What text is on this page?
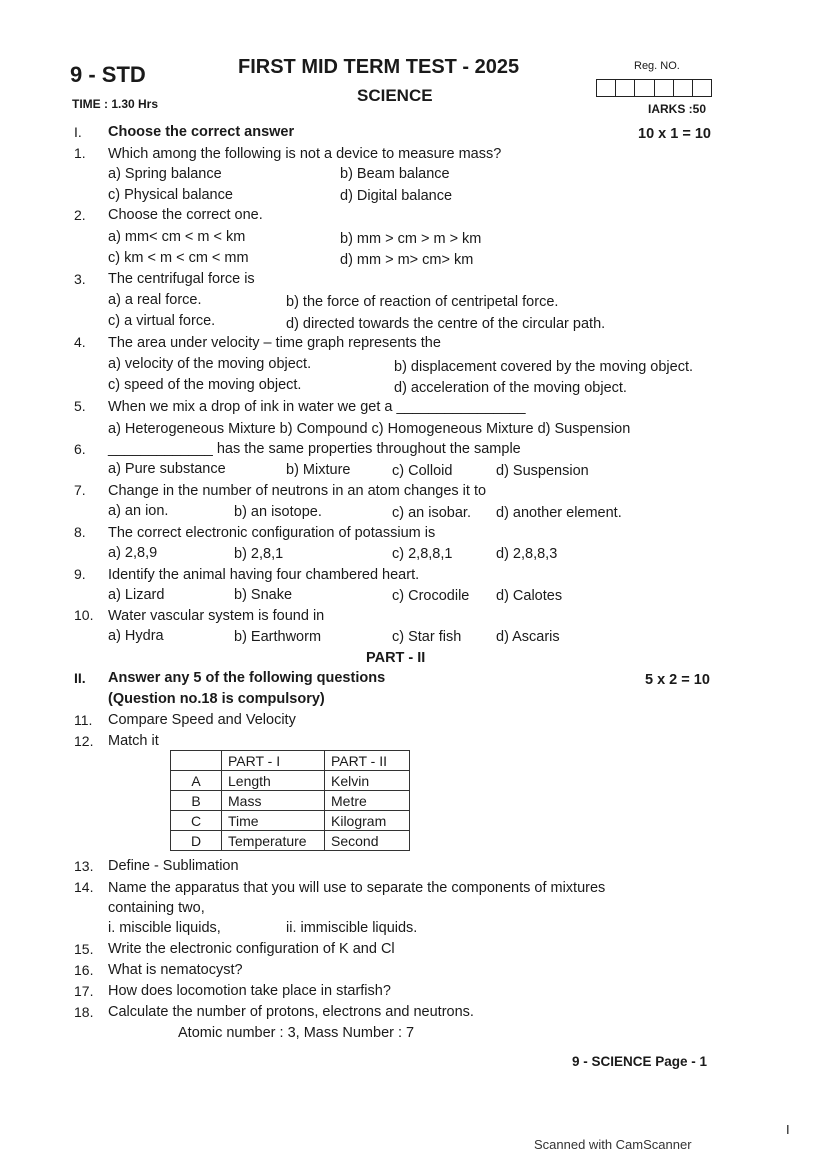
9 - STD	FIRST MID TERM TEST - 2025
SCIENCE
Reg. NO.
TIME : 1.30 Hrs	IARKS :50
I. Choose the correct answer	10 x 1 = 10
1. Which among the following is not a device to measure mass?
a) Spring balance	b) Beam balance
c) Physical balance	d) Digital balance
2. Choose the correct one.
a) mm< cm < m < km	b) mm > cm > m > km
c) km < m < cm < mm	d) mm > m> cm> km
3. The centrifugal force is
a) a real force.	b) the force of reaction of centripetal force.
c) a virtual force.	d) directed towards the centre of the circular path.
4. The area under velocity – time graph represents the
a) velocity of the moving object.	b) displacement covered by the moving object.
c) speed of the moving object.	d) acceleration of the moving object.
5. When we mix a drop of ink in water we get a ________________
a) Heterogeneous Mixture b) Compound c) Homogeneous Mixture d) Suspension
6. _____________ has the same properties throughout the sample
a) Pure substance	b) Mixture	c) Colloid	d) Suspension
7. Change in the number of neutrons in an atom changes it to
a) an ion.	b) an isotope.	c) an isobar. d) another element.
8. The correct electronic configuration of potassium is
a) 2,8,9	b) 2,8,1	c) 2,8,8,1	d) 2,8,8,3
9. Identify the animal having four chambered heart.
a) Lizard	b) Snake	c) Crocodile d) Calotes
10. Water vascular system is found in
a) Hydra	b) Earthworm	c) Star fish d) Ascaris
PART - II
II. Answer any 5 of the following questions	5 x 2 = 10
(Question no.18 is compulsory)
11. Compare Speed and Velocity
12. Match it
	PART - I	PART - II
A	Length	Kelvin
B	Mass	Metre
C	Time	Kilogram
D	Temperature	Second
13. Define - Sublimation
14. Name the apparatus that you will use to separate the components of mixtures
containing two,
i. miscible liquids,	ii. immiscible liquids.
15. Write the electronic configuration of K and Cl
16. What is nematocyst?
17. How does locomotion take place in starfish?
18. Calculate the number of protons, electrons and neutrons.
Atomic number : 3, Mass Number : 7
9 - SCIENCE Page - 1
Scanned with CamScanner
I
